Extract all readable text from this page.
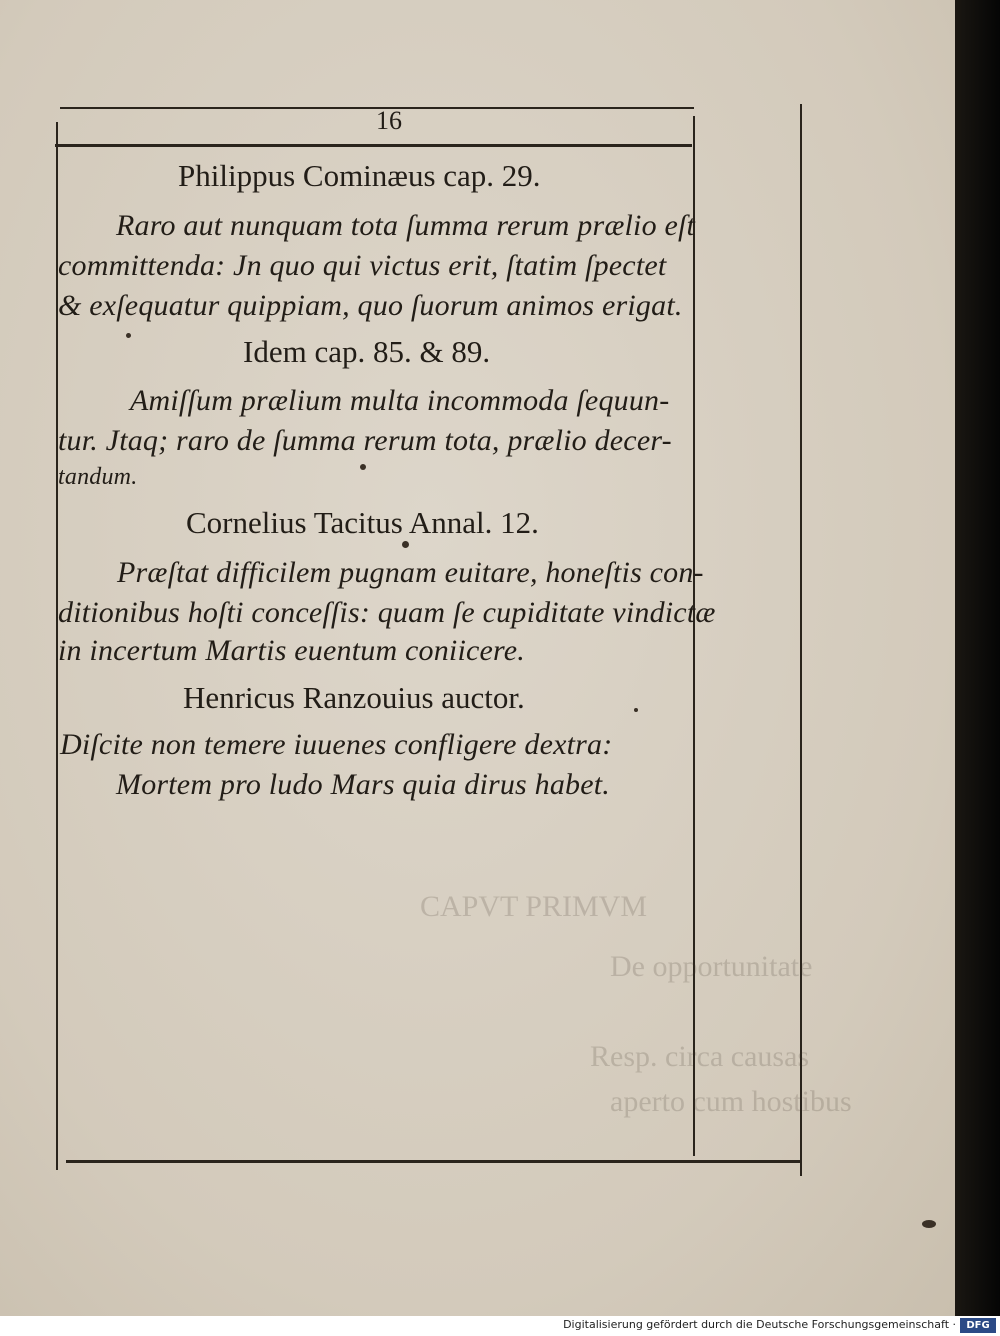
CAPVT PRIMVM
De opportunitate
Resp. circa causas
aperto cum hostibus
16
Philippus Cominæus cap. 29.
Raro aut nunquam tota ſumma rerum prælio eſt
committenda: Jn quo qui victus erit, ſtatim ſpectet
& exſequatur quippiam, quo ſuorum animos erigat.
Idem cap. 85. & 89.
Amiſſum prælium multa incommoda ſequun-
tur. Jtaq; raro de ſumma rerum tota, prælio decer-
tandum.
Cornelius Tacitus Annal. 12.
Præſtat difficilem pugnam euitare, honeſtis con-
ditionibus hoſti conceſſis: quam ſe cupiditate vindictæ
in incertum Martis euentum coniicere.
Henricus Ranzouius auctor.
Diſcite non temere iuuenes confligere dextra:
Mortem pro ludo Mars quia dirus habet.
Digitalisierung gefördert durch die Deutsche Forschungsgemeinschaft ·	DFG
